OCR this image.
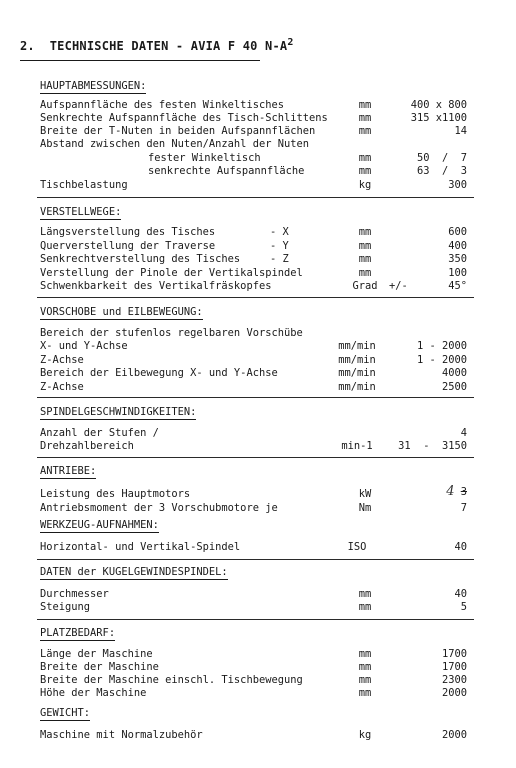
2. TECHNISCHE DATEN - AVIA F 40 $N-A^2$
HAUPTABMESSUNGEN:
Aufspannfläche des festen Winkeltisches	mm	400 x 800
Senkrechte Aufspannfläche des Tisch-Schlittens	mm	315 x1100
Breite der T-Nuten in beiden Aufspannflächen	mm	14
Abstand zwischen den Nuten/Anzahl der Nuten
fester Winkeltisch	mm	50  /  7
senkrechte Aufspannfläche	mm	63  /  3
Tischbelastung	kg	300
VERSTELLWEGE:
Längsverstellung des Tisches	- X	mm	600
Querverstellung der Traverse	- Y	mm	400
Senkrechtverstellung des Tisches	- Z	mm	350
Verstellung der Pinole der Vertikalspindel	mm	100
Schwenkbarkeit des Vertikalfräskopfes	Grad	+/-	45°
VORSCHOBE und EILBEWEGUNG:
Bereich der stufenlos regelbaren Vorschübe
X- und Y-Achse	mm/min	1 - 2000
Z-Achse	mm/min	1 - 2000
Bereich der Eilbewegung X- und Y-Achse	mm/min	4000
Z-Achse	mm/min	2500
SPINDELGESCHWINDIGKEITEN:
Anzahl der Stufen /	4
Drehzahlbereich	min-1	31  -  3150
ANTRIEBE:
Leistung des Hauptmotors	kW	4 3
Antriebsmoment der 3 Vorschubmotore je	Nm	7
WERKZEUG-AUFNAHMEN:
Horizontal- und Vertikal-Spindel	ISO	40
DATEN der KUGELGEWINDESPINDEL:
Durchmesser	mm	40
Steigung	mm	5
PLATZBEDARF:
Länge der Maschine	mm	1700
Breite der Maschine	mm	1700
Breite der Maschine einschl. Tischbewegung	mm	2300
Höhe der Maschine	mm	2000
GEWICHT:
Maschine mit Normalzubehör	kg	2000
